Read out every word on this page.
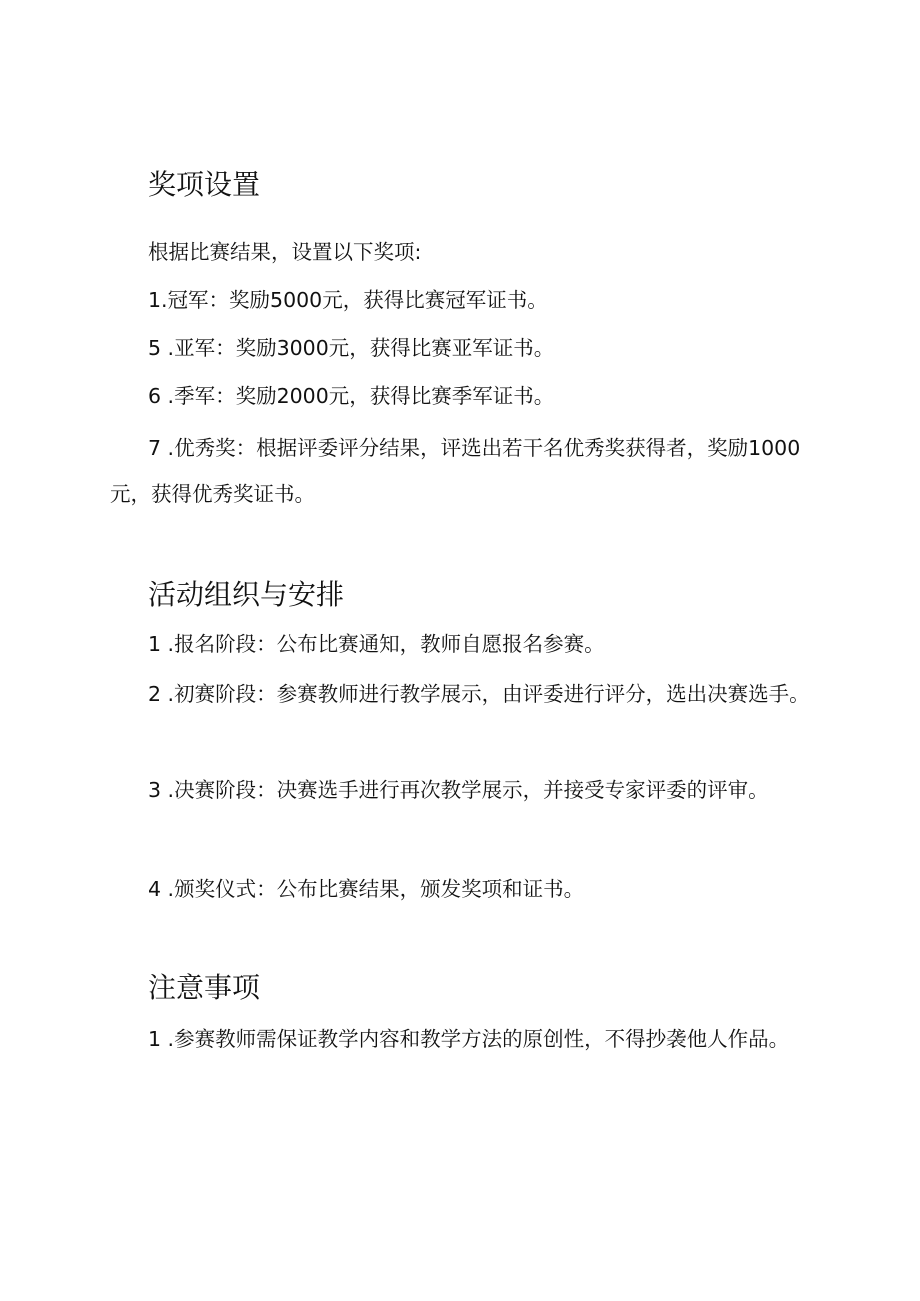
奖项设置

根据比赛结果，设置以下奖项:

1.冠军：奖励5000元，获得比赛冠军证书。

5 .亚军：奖励3000元，获得比赛亚军证书。

6 .季军：奖励2000元，获得比赛季军证书。

7 .优秀奖：根据评委评分结果，评选出若干名优秀奖获得者，奖励1000元，获得优秀奖证书。

活动组织与安排

1 .报名阶段：公布比赛通知，教师自愿报名参赛。

2 .初赛阶段：参赛教师进行教学展示，由评委进行评分，选出决赛选手。

3 .决赛阶段：决赛选手进行再次教学展示，并接受专家评委的评审。

4 .颁奖仪式：公布比赛结果，颁发奖项和证书。

注意事项

1 .参赛教师需保证教学内容和教学方法的原创性，不得抄袭他人作品。
